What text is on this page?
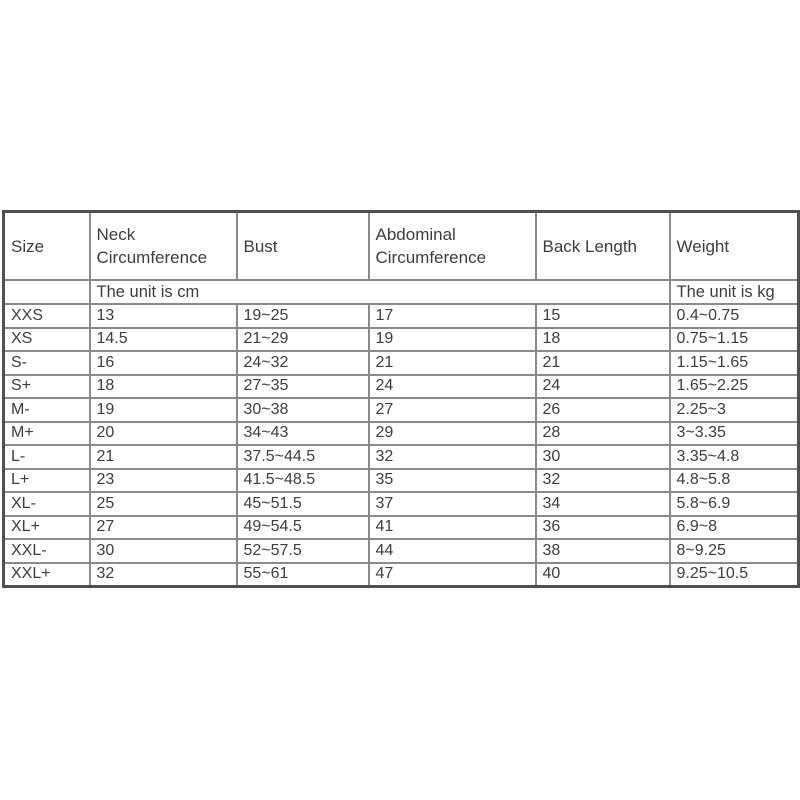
Size	Neck Circumference	Bust	Abdominal Circumference	Back Length	Weight
	The unit is cm				The unit is kg
XXS	13	19~25	17	15	0.4~0.75
XS	14.5	21~29	19	18	0.75~1.15
S-	16	24~32	21	21	1.15~1.65
S+	18	27~35	24	24	1.65~2.25
M-	19	30~38	27	26	2.25~3
M+	20	34~43	29	28	3~3.35
L-	21	37.5~44.5	32	30	3.35~4.8
L+	23	41.5~48.5	35	32	4.8~5.8
XL-	25	45~51.5	37	34	5.8~6.9
XL+	27	49~54.5	41	36	6.9~8
XXL-	30	52~57.5	44	38	8~9.25
XXL+	32	55~61	47	40	9.25~10.5
